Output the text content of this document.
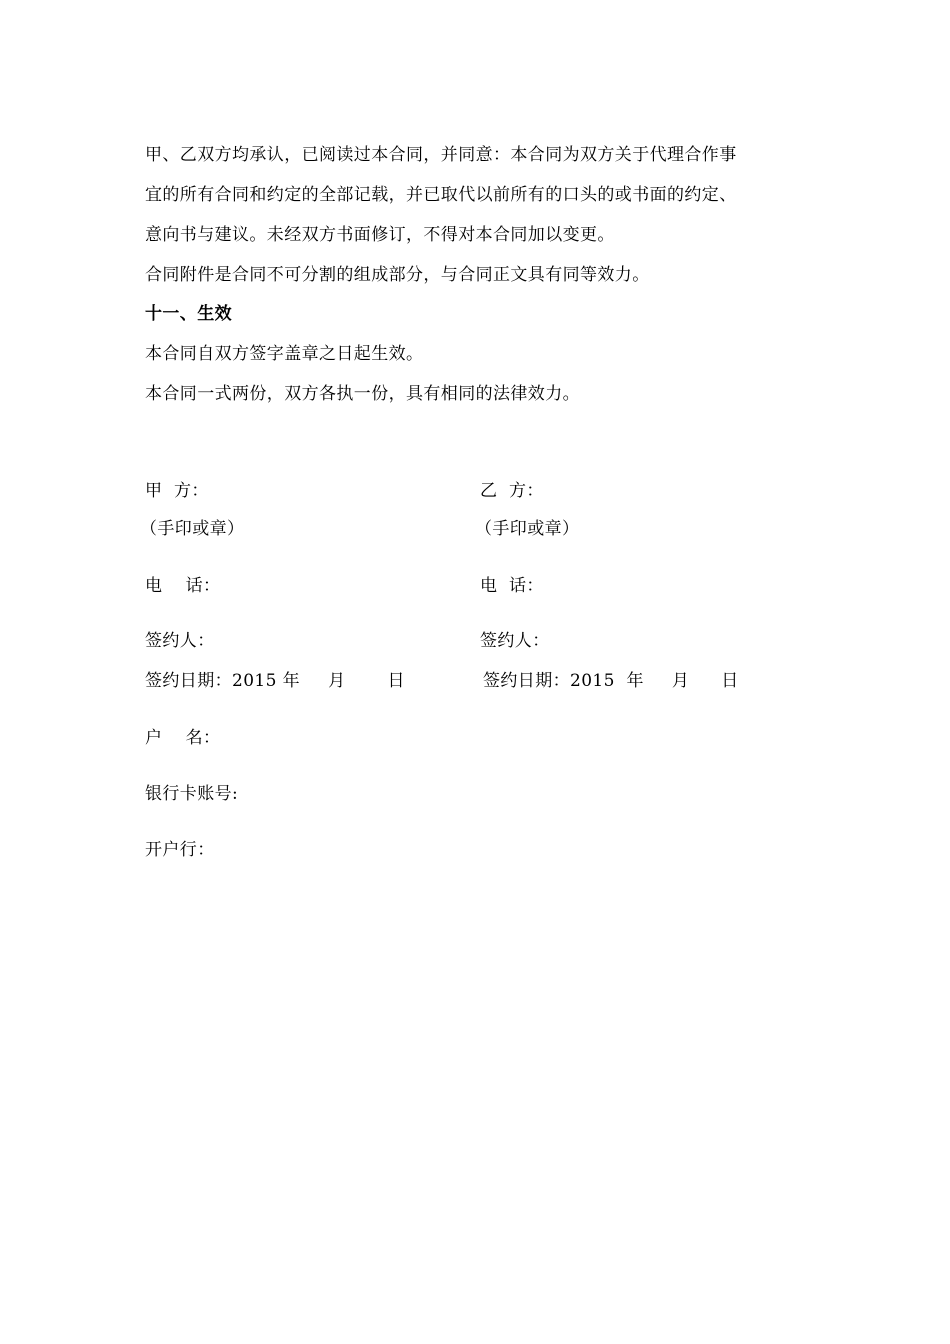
甲、乙双方均承认，已阅读过本合同，并同意：本合同为双方关于代理合作事
宜的所有合同和约定的全部记载，并已取代以前所有的口头的或书面的约定、
意向书与建议。未经双方书面修订，不得对本合同加以变更。
合同附件是合同不可分割的组成部分，与合同正文具有同等效力。
十一、生效
本合同自双方签字盖章之日起生效。
本合同一式两份，双方各执一份，具有相同的法律效力。
甲  方：	乙  方：
（手印或章）	（手印或章）
电    话：	电  话：
签约人：	签约人：
签约日期：2015 年 月 日	签约日期：2015  年 月 日
户    名：
银行卡账号:
开户行：
